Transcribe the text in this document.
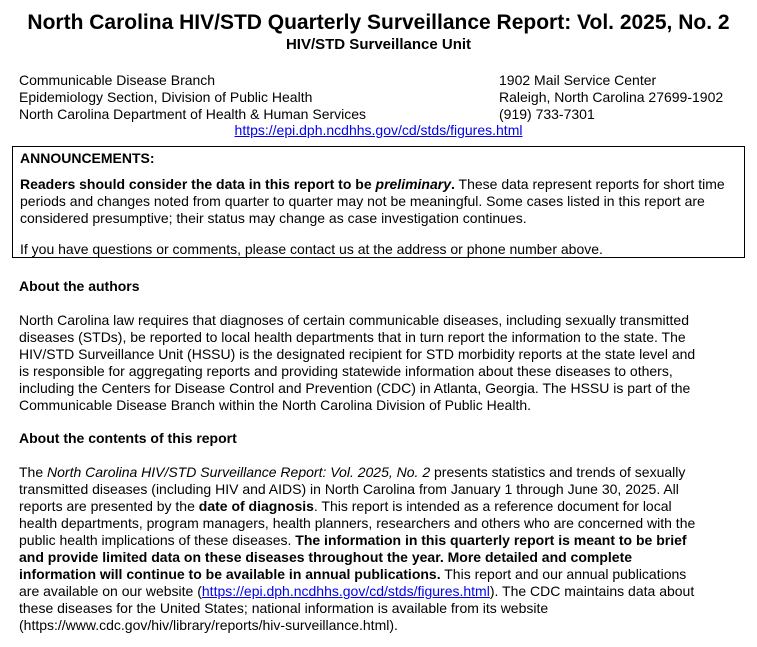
North Carolina HIV/STD Quarterly Surveillance Report: Vol. 2025, No. 2
HIV/STD Surveillance Unit
Communicable Disease Branch
Epidemiology Section, Division of Public Health
North Carolina Department of Health & Human Services
1902 Mail Service Center
Raleigh, North Carolina 27699-1902
(919) 733-7301
https://epi.dph.ncdhhs.gov/cd/stds/figures.html
ANNOUNCEMENTS:
Readers should consider the data in this report to be preliminary. These data represent reports for short time periods and changes noted from quarter to quarter may not be meaningful. Some cases listed in this report are considered presumptive; their status may change as case investigation continues.
If you have questions or comments, please contact us at the address or phone number above.
About the authors
North Carolina law requires that diagnoses of certain communicable diseases, including sexually transmitted
diseases (STDs), be reported to local health departments that in turn report the information to the state. The
HIV/STD Surveillance Unit (HSSU) is the designated recipient for STD morbidity reports at the state level and
is responsible for aggregating reports and providing statewide information about these diseases to others,
including the Centers for Disease Control and Prevention (CDC) in Atlanta, Georgia. The HSSU is part of the
Communicable Disease Branch within the North Carolina Division of Public Health.
About the contents of this report
The North Carolina HIV/STD Surveillance Report: Vol. 2025, No. 2 presents statistics and trends of sexually
transmitted diseases (including HIV and AIDS) in North Carolina from January 1 through June 30, 2025. All
reports are presented by the date of diagnosis. This report is intended as a reference document for local
health departments, program managers, health planners, researchers and others who are concerned with the
public health implications of these diseases. The information in this quarterly report is meant to be brief
and provide limited data on these diseases throughout the year. More detailed and complete
information will continue to be available in annual publications. This report and our annual publications
are available on our website (https://epi.dph.ncdhhs.gov/cd/stds/figures.html). The CDC maintains data about
these diseases for the United States; national information is available from its website
(https://www.cdc.gov/hiv/library/reports/hiv-surveillance.html).
